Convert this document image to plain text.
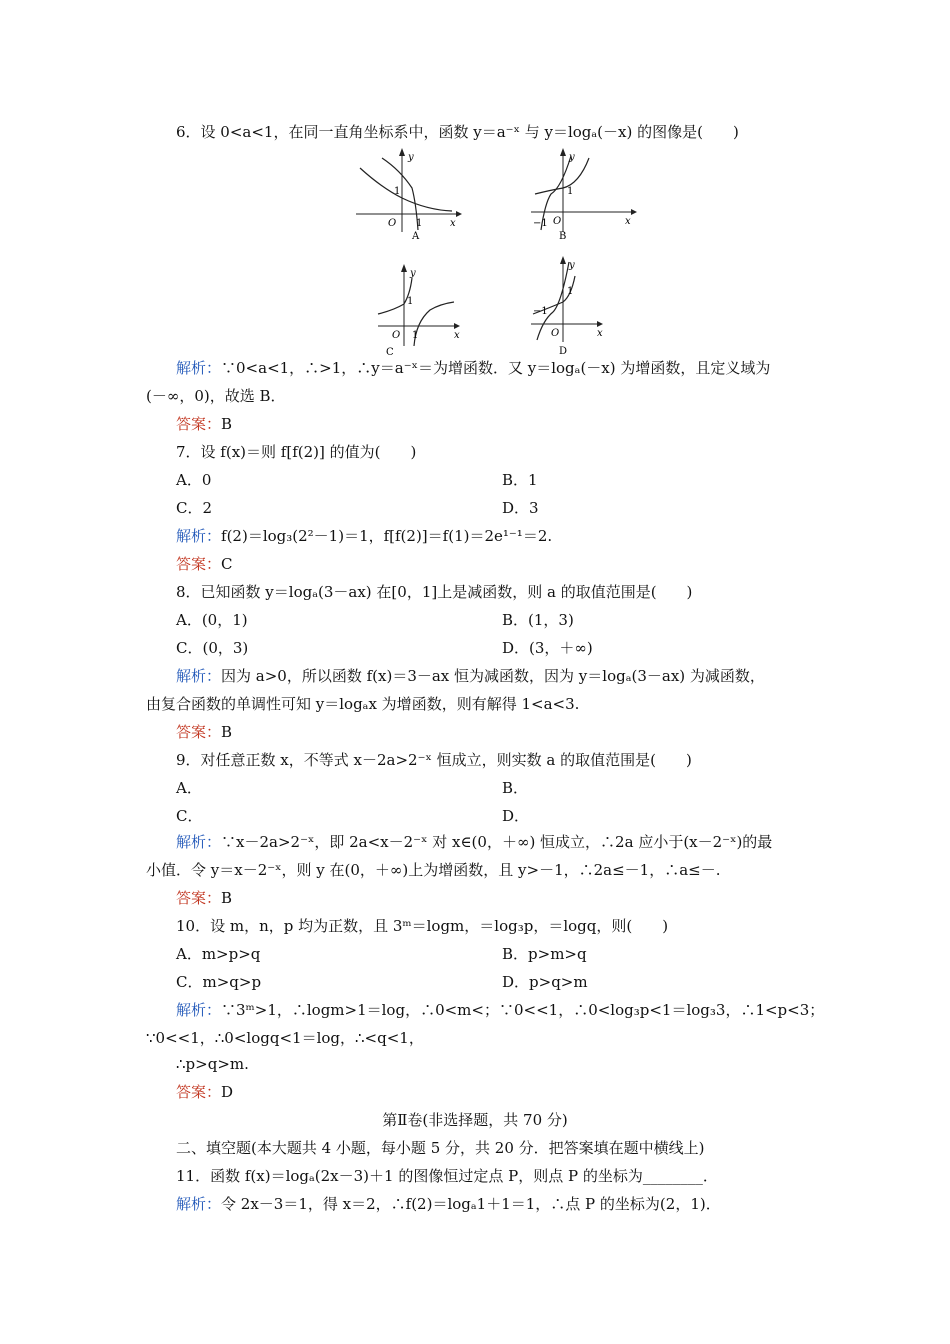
6．设 0<a<1，在同一直角坐标系中，函数 y＝a⁻ˣ 与 y＝logₐ(－x) 的图像是(　　)
y
x
O
1
1
A
y
x
O
1
−1
B
y
x
O
1
1
C
y
x
O
1
−1
D
解析：∵0<a<1，∴>1，∴y＝a⁻ˣ＝为增函数．又 y＝logₐ(－x) 为增函数，且定义域为
(－∞，0)，故选 B．
答案：B
7．设 f(x)＝则 f[f(2)] 的值为(　　)
A．0	B．1
C．2	D．3
解析：f(2)＝log₃(2²－1)＝1，f[f(2)]＝f(1)＝2e¹⁻¹＝2.
答案：C
8．已知函数 y＝logₐ(3－ax) 在[0，1]上是减函数，则 a 的取值范围是(　　)
A．(0，1)	B．(1，3)
C．(0，3)	D．(3，＋∞)
解析：因为 a>0，所以函数 f(x)＝3－ax 恒为减函数，因为 y＝logₐ(3－ax) 为减函数，
由复合函数的单调性可知 y＝logₐx 为增函数，则有解得 1<a<3.
答案：B
9．对任意正数 x，不等式 x－2a>2⁻ˣ 恒成立，则实数 a 的取值范围是(　　)
A．	B．
C．	D．
解析：∵x－2a>2⁻ˣ，即 2a<x－2⁻ˣ 对 x∈(0，＋∞) 恒成立，∴2a 应小于(x－2⁻ˣ)的最
小值．令 y＝x－2⁻ˣ，则 y 在(0，＋∞)上为增函数，且 y>－1，∴2a≤－1，∴a≤－.
答案：B
10．设 m，n，p 均为正数，且 3ᵐ＝logm，＝log₃p，＝logq，则(　　)
A．m>p>q	B．p>m>q
C．m>q>p	D．p>q>m
解析：∵3ᵐ>1，∴logm>1＝log，∴0<m<；∵0<<1，∴0<log₃p<1＝log₃3，∴1<p<3；
∵0<<1，∴0<logq<1＝log，∴<q<1，
∴p>q>m.
答案：D
第Ⅱ卷(非选择题，共 70 分)
二、填空题(本大题共 4 小题，每小题 5 分，共 20 分．把答案填在题中横线上)
11．函数 f(x)＝logₐ(2x－3)＋1 的图像恒过定点 P，则点 P 的坐标为________．
解析：令 2x－3＝1，得 x＝2，∴f(2)＝logₐ1＋1＝1，∴点 P 的坐标为(2，1)．
